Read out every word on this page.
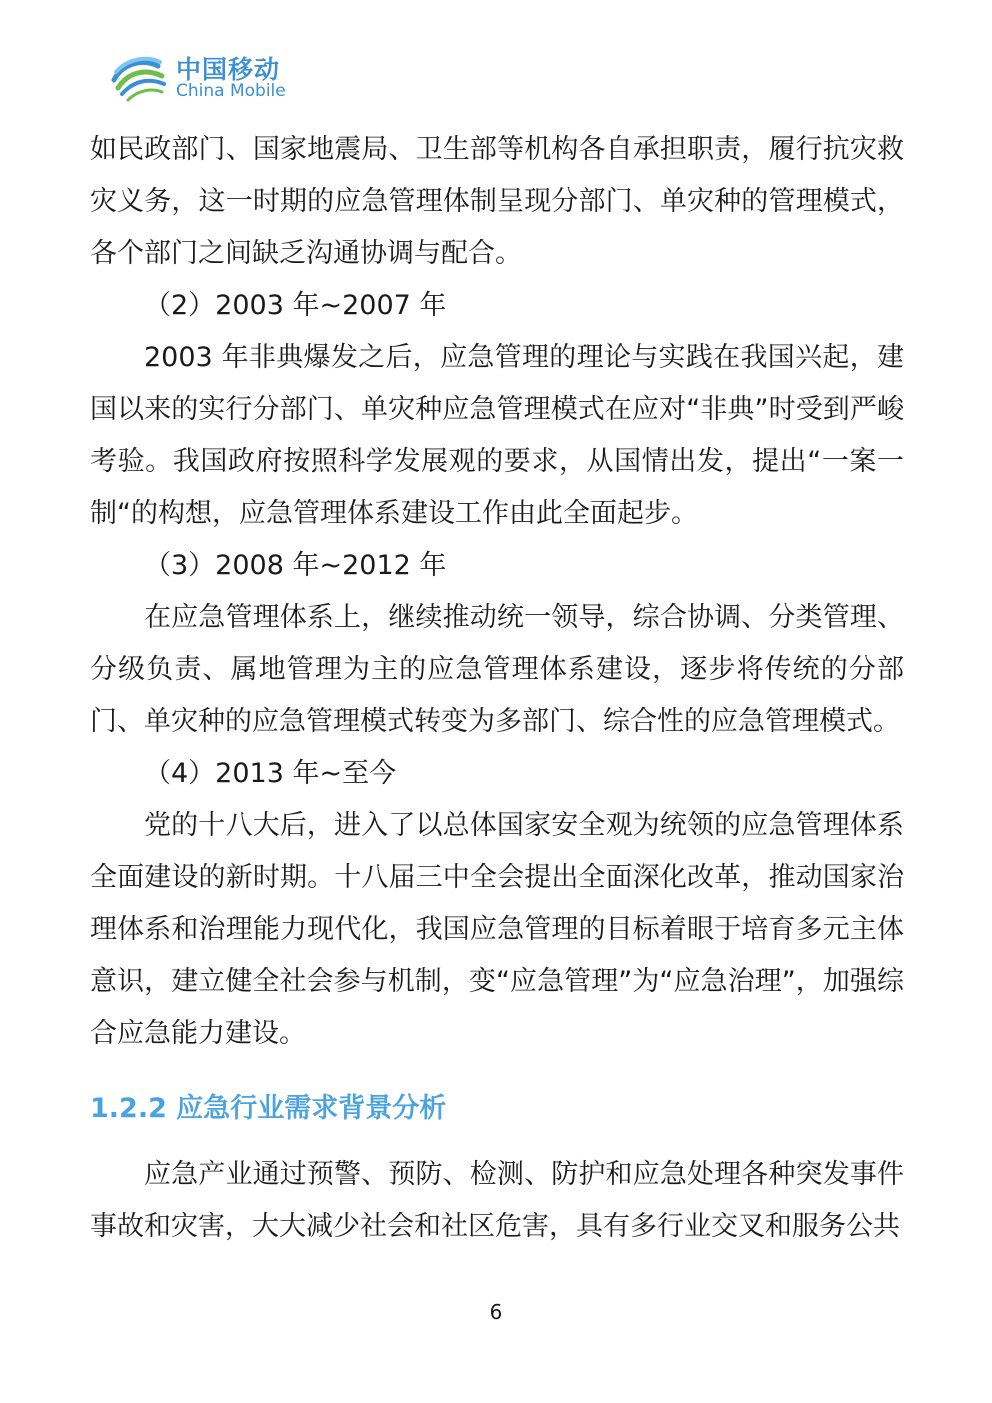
中国移动
China Mobile

如民政部门、国家地震局、卫生部等机构各自承担职责，履行抗灾救灾义务，这一时期的应急管理体制呈现分部门、单灾种的管理模式，各个部门之间缺乏沟通协调与配合。

（2）2003 年~2007 年

2003 年非典爆发之后，应急管理的理论与实践在我国兴起，建国以来的实行分部门、单灾种应急管理模式在应对“非典”时受到严峻考验。我国政府按照科学发展观的要求，从国情出发，提出“一案一制“的构想，应急管理体系建设工作由此全面起步。

（3）2008 年~2012 年

在应急管理体系上，继续推动统一领导，综合协调、分类管理、分级负责、属地管理为主的应急管理体系建设，逐步将传统的分部门、单灾种的应急管理模式转变为多部门、综合性的应急管理模式。

（4）2013 年~至今

党的十八大后，进入了以总体国家安全观为统领的应急管理体系全面建设的新时期。十八届三中全会提出全面深化改革，推动国家治理体系和治理能力现代化，我国应急管理的目标着眼于培育多元主体意识，建立健全社会参与机制，变“应急管理”为“应急治理”，加强综合应急能力建设。

1.2.2 应急行业需求背景分析

应急产业通过预警、预防、检测、防护和应急处理各种突发事件事故和灾害，大大减少社会和社区危害，具有多行业交叉和服务公共

6
